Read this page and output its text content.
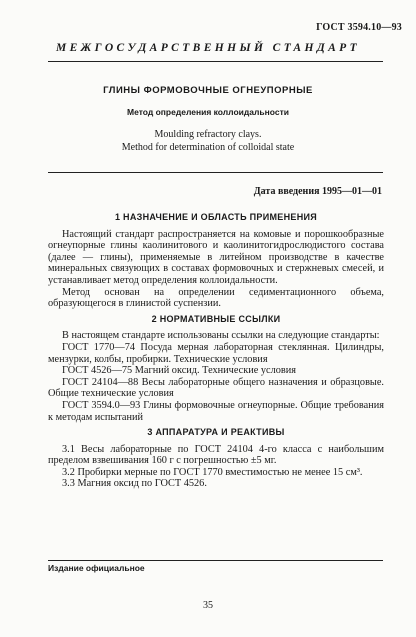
ГОСТ 3594.10—93
МЕЖГОСУДАРСТВЕННЫЙ СТАНДАРТ
ГЛИНЫ ФОРМОВОЧНЫЕ ОГНЕУПОРНЫЕ
Метод определения коллоидальности
Moulding refractory clays.
Method for determination of colloidal state
Дата введения 1995—01—01
1 НАЗНАЧЕНИЕ И ОБЛАСТЬ ПРИМЕНЕНИЯ

Настоящий стандарт распространяется на комовые и порошкообразные огнеупорные глины каолинитового и каолинитогидрослюдистого состава (далее — глины), применяемые в литейном производстве в качестве минеральных связующих в составах формовочных и стержневых смесей, и устанавливает метод определения коллоидальности.

Метод основан на определении седиментационного объема, образующегося в глинистой суспензии.

2 НОРМАТИВНЫЕ ССЫЛКИ

В настоящем стандарте использованы ссылки на следующие стандарты:

ГОСТ 1770—74 Посуда мерная лабораторная стеклянная. Цилиндры, мензурки, колбы, пробирки. Технические условия

ГОСТ 4526—75 Магний оксид. Технические условия

ГОСТ 24104—88 Весы лабораторные общего назначения и образцовые. Общие технические условия

ГОСТ 3594.0—93 Глины формовочные огнеупорные. Общие требования к методам испытаний

3 АППАРАТУРА И РЕАКТИВЫ

3.1 Весы лабораторные по ГОСТ 24104 4-го класса с наибольшим пределом взвешивания 160 г с погрешностью ±5 мг.

3.2 Пробирки мерные по ГОСТ 1770 вместимостью не менее 15 см³.

3.3 Магния оксид по ГОСТ 4526.

Издание официальное
35
